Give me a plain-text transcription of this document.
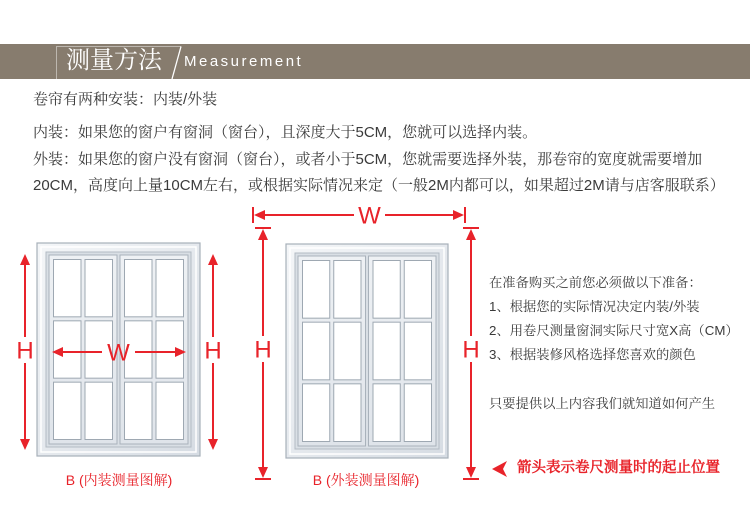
测量方法 Measurement
卷帘有两种安装：内装/外装
内装：如果您的窗户有窗洞（窗台），且深度大于5CM，您就可以选择内装。
外装：如果您的窗户没有窗洞（窗台），或者小于5CM，您就需要选择外装，那卷帘的宽度就需要增加
20CM，高度向上量10CM左右，或根据实际情况来定（一般2M内都可以，如果超过2M请与店客服联系）
H	H
W
W
H	H
B (内装测量图解)	B (外装测量图解)
在准备购买之前您必须做以下准备：
1、根据您的实际情况决定内装/外装
2、用卷尺测量窗洞实际尺寸宽X高（CM）
3、根据装修风格选择您喜欢的颜色
只要提供以上内容我们就知道如何产生
箭头表示卷尺测量时的起止位置
